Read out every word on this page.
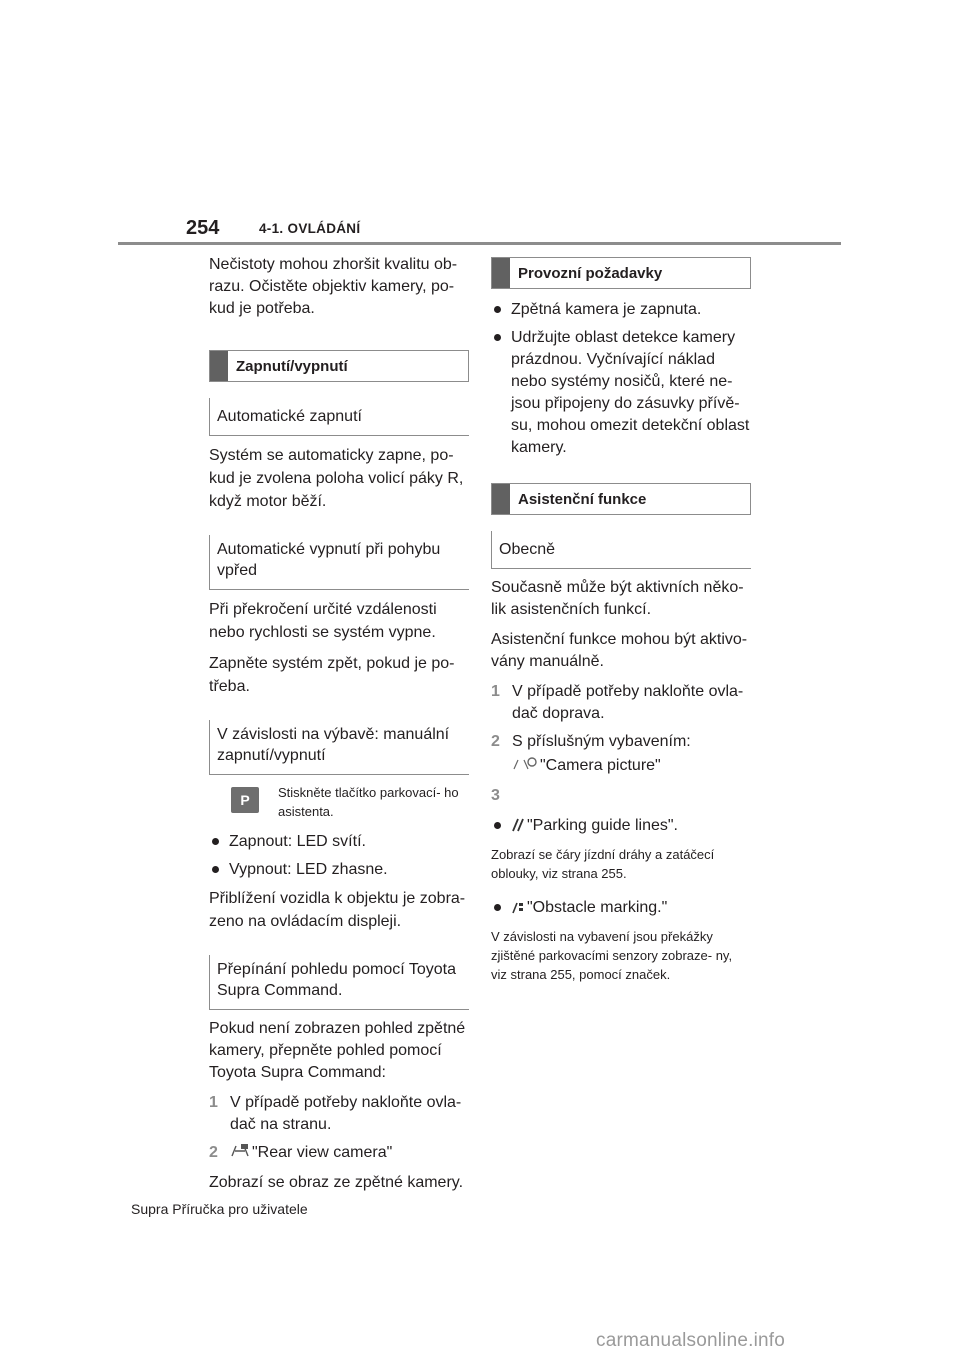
254	4-1. OVLÁDÁNÍ

Nečistoty mohou zhoršit kvalitu ob- razu. Očistěte objektiv kamery, po- kud je potřeba.

Zapnutí/vypnutí
Automatické zapnutí

Systém se automaticky zapne, po- kud je zvolena poloha volicí páky R, když motor běží.

Automatické vypnutí při pohybu vpřed

Při překročení určité vzdálenosti nebo rychlosti se systém vypne.

Zapněte systém zpět, pokud je po- třeba.

V závislosti na výbavě: manuální zapnutí/vypnutí
P	Stiskněte tlačítko parkovací- ho asistenta.
Zapnout: LED svítí.
Vypnout: LED zhasne.

Přiblížení vozidla k objektu je zobra- zeno na ovládacím displeji.

Přepínání pohledu pomocí Toyota Supra Command.

Pokud není zobrazen pohled zpětné kamery, přepněte pohled pomocí Toyota Supra Command:

1 V případě potřeby nakloňte ovla- dač na stranu.
2 "Rear view camera"

Zobrazí se obraz ze zpětné kamery.

Provozní požadavky
Zpětná kamera je zapnuta.
Udržujte oblast detekce kamery prázdnou. Vyčnívající náklad nebo systémy nosičů, které ne- jsou připojeny do zásuvky přívě- su, mohou omezit detekční oblast kamery.
Asistenční funkce
Obecně

Současně může být aktivních něko- lik asistenčních funkcí.

Asistenční funkce mohou být aktivo- vány manuálně.

1 V případě potřeby nakloňte ovla- dač doprava.
2 S příslušným vybavením:
"Camera picture"
3

"Parking guide lines".

Zobrazí se čáry jízdní dráhy a zatáčecí oblouky, viz strana 255.

"Obstacle marking."

V závislosti na vybavení jsou překážky zjištěné parkovacími senzory zobraze- ny, viz strana 255, pomocí značek.

Supra Příručka pro uživatele
carmanualsonline.info
